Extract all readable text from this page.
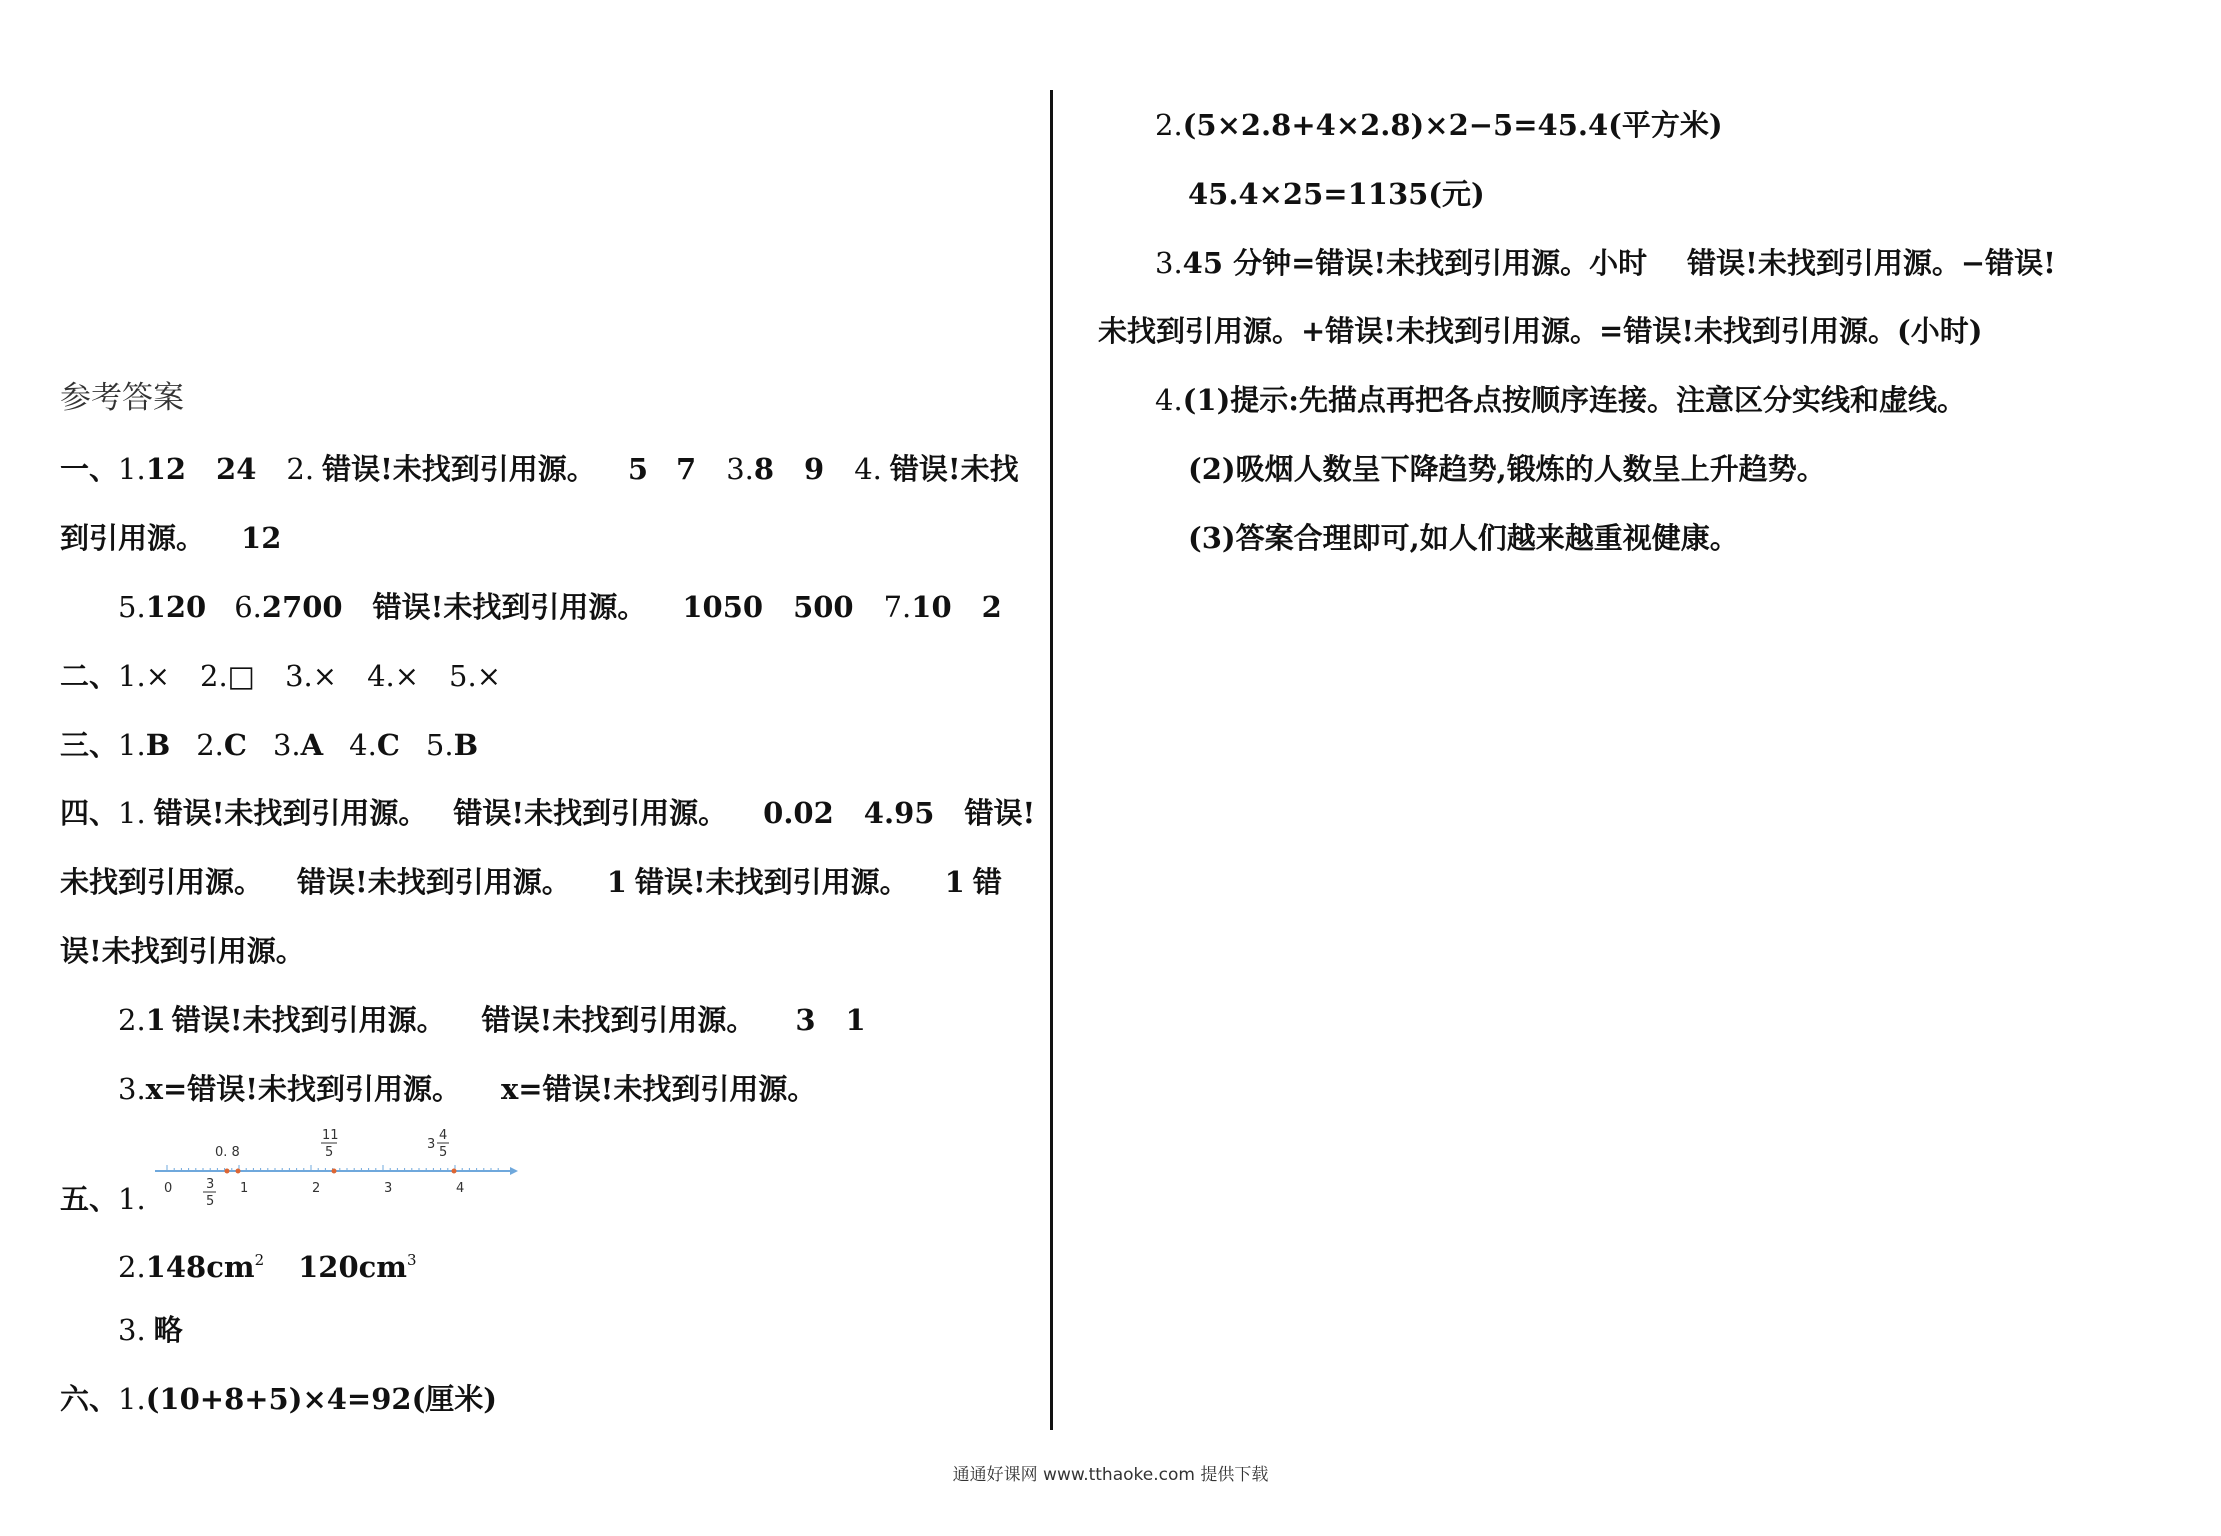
参考答案
一、1.12 24 2. 错误!未找到引用源。 5 7 3.8 9 4. 错误!未找
到引用源。 12
5.120 6.2700 错误!未找到引用源。 1050 500 7.10 2
二、1.× 2.□ 3.× 4.× 5.×
三、1.B 2.C 3.A 4.C 5.B
四、1. 错误!未找到引用源。 错误!未找到引用源。 0.02 4.95 错误!
未找到引用源。 错误!未找到引用源。 1 错误!未找到引用源。 1 错
误!未找到引用源。
2.1 错误!未找到引用源。 错误!未找到引用源。 3 1
3.x=错误!未找到引用源。 x=错误!未找到引用源。
五、1. 0	1	2	3	4
0. 8
11
5
3
4
5
3
5
$2.148cm^2$ $120cm^3$
3. 略
六、1.(10+8+5)×4=92(厘米)
2.(5×2.8+4×2.8)×2−5=45.4(平方米)
45.4×25=1135(元)
3.45 分钟=错误!未找到引用源。小时 错误!未找到引用源。−错误!
未找到引用源。+错误!未找到引用源。=错误!未找到引用源。(小时)
4.(1)提示:先描点再把各点按顺序连接。注意区分实线和虚线。
(2)吸烟人数呈下降趋势,锻炼的人数呈上升趋势。
(3)答案合理即可,如人们越来越重视健康。
通通好课网 www.tthaoke.com 提供下载
